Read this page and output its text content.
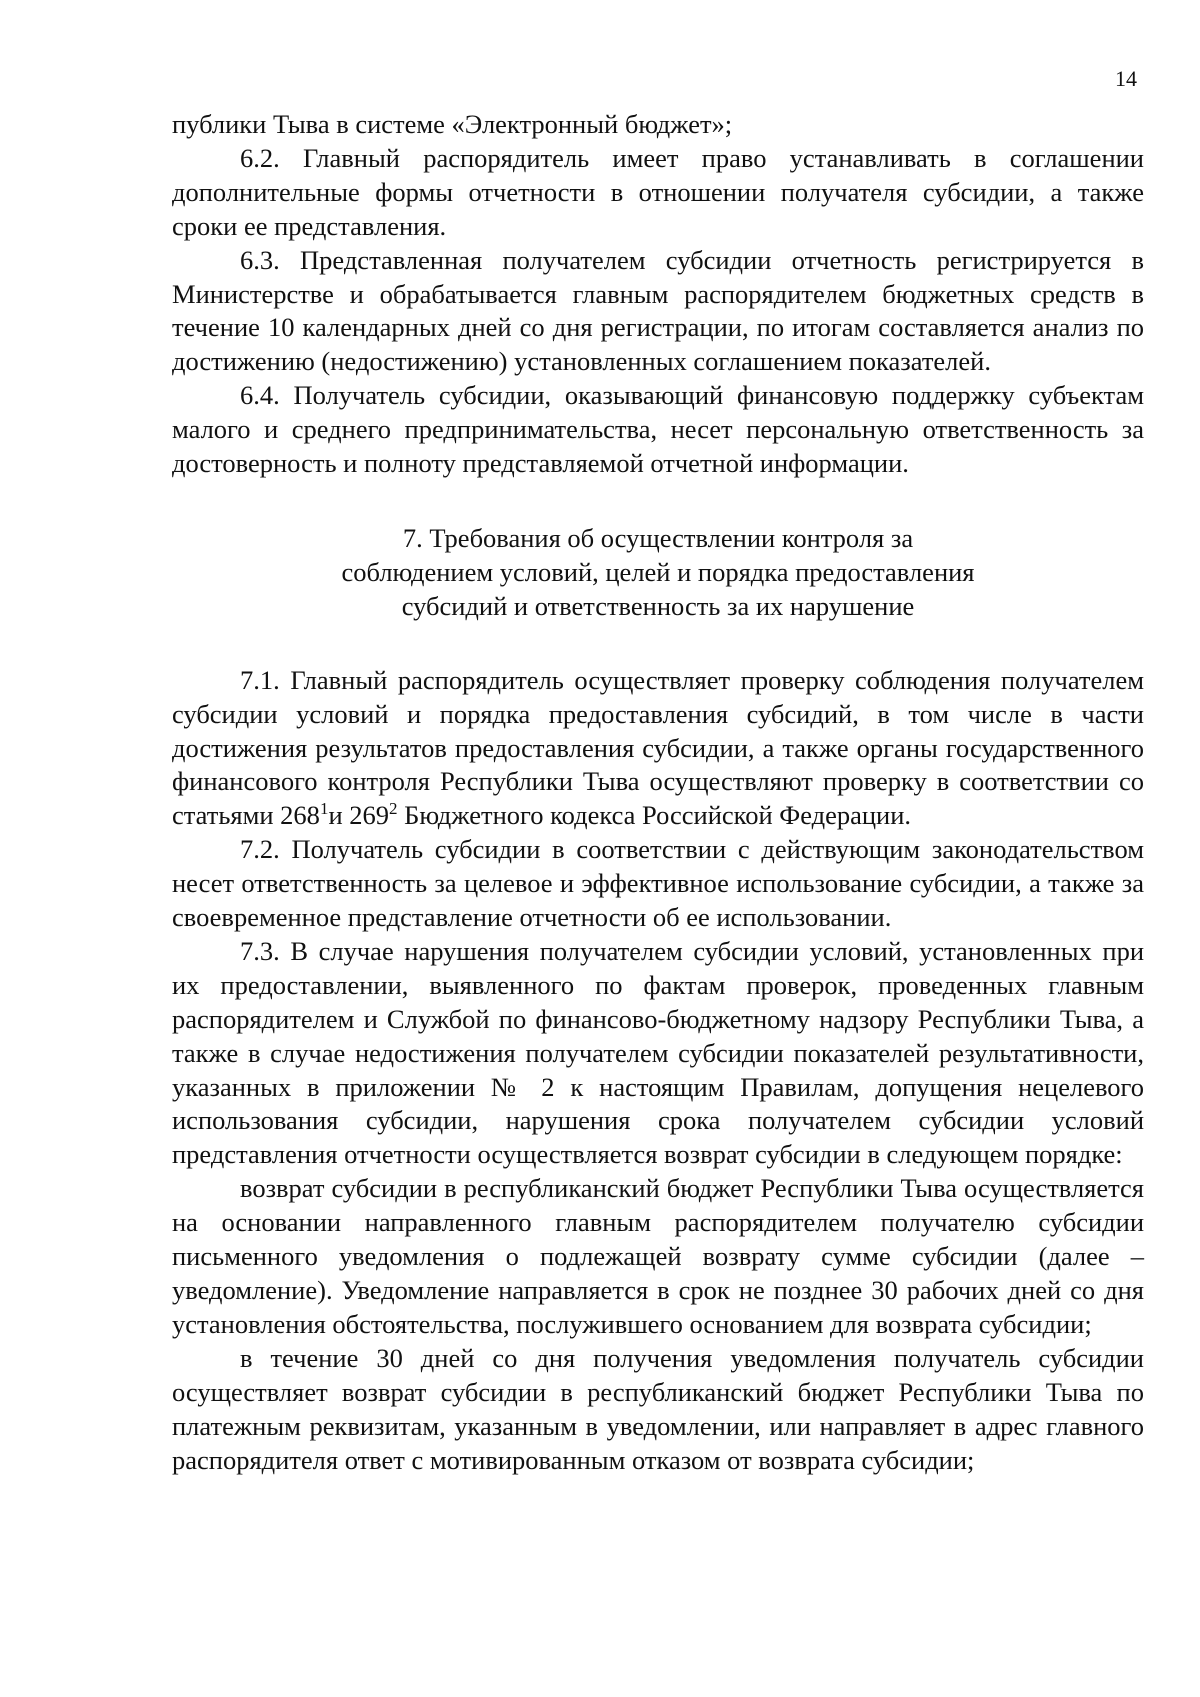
14

публики Тыва в системе «Электронный бюджет»;

6.2. Главный распорядитель имеет право устанавливать в соглашении дополнительные формы отчетности в отношении получателя субсидии, а также сроки ее представления.

6.3. Представленная получателем субсидии отчетность регистрируется в Министерстве и обрабатывается главным распорядителем бюджетных средств в течение 10 календарных дней со дня регистрации, по итогам составляется анализ по достижению (недостижению) установленных соглашением показателей.

6.4. Получатель субсидии, оказывающий финансовую поддержку субъектам малого и среднего предпринимательства, несет персональную ответственность за достоверность и полноту представляемой отчетной информации.

7. Требования об осуществлении контроля за
соблюдением условий, целей и порядка предоставления
субсидий и ответственность за их нарушение

7.1. Главный распорядитель осуществляет проверку соблюдения получателем субсидии условий и порядка предоставления субсидий, в том числе в части достижения результатов предоставления субсидии, а также органы государственного финансового контроля Республики Тыва осуществляют проверку в соответствии со статьями $268^1и$ $269^2$ Бюджетного кодекса Российской Федерации.

7.2. Получатель субсидии в соответствии с действующим законодательством несет ответственность за целевое и эффективное использование субсидии, а также за своевременное представление отчетности об ее использовании.

7.3. В случае нарушения получателем субсидии условий, установленных при их предоставлении, выявленного по фактам проверок, проведенных главным распорядителем и Службой по финансово-бюджетному надзору Республики Тыва, а также в случае недостижения получателем субсидии показателей результативности, указанных в приложении № 2 к настоящим Правилам, допущения нецелевого использования субсидии, нарушения срока получателем субсидии условий представления отчетности осуществляется возврат субсидии в следующем порядке:

возврат субсидии в республиканский бюджет Республики Тыва осуществляется на основании направленного главным распорядителем получателю субсидии письменного уведомления о подлежащей возврату сумме субсидии (далее – уведомление). Уведомление направляется в срок не позднее 30 рабочих дней со дня установления обстоятельства, послужившего основанием для возврата субсидии;

в течение 30 дней со дня получения уведомления получатель субсидии осуществляет возврат субсидии в республиканский бюджет Республики Тыва по платежным реквизитам, указанным в уведомлении, или направляет в адрес главного распорядителя ответ с мотивированным отказом от возврата субсидии;
